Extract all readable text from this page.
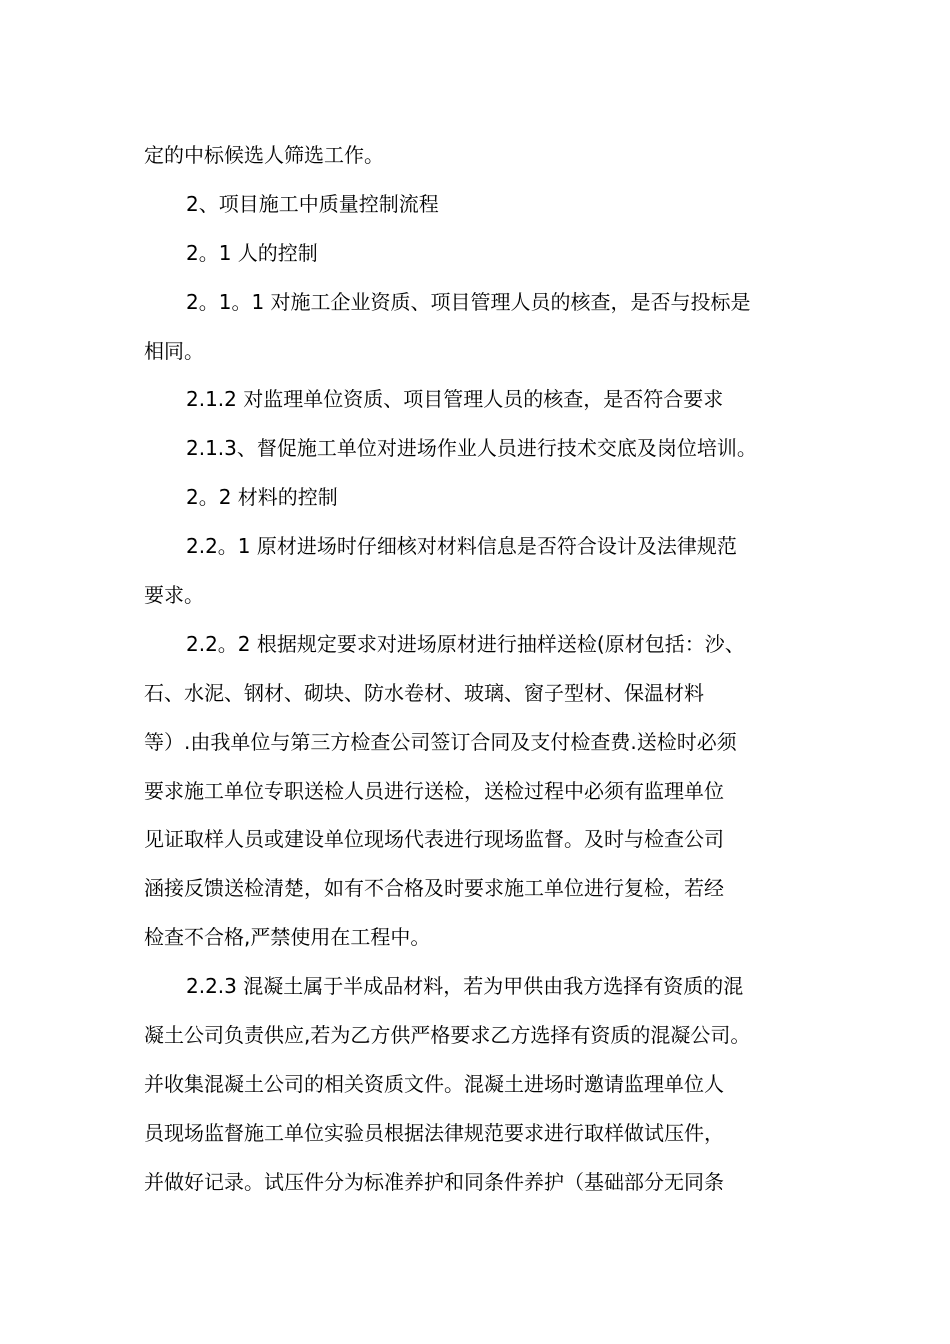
定的中标候选人筛选工作。
2、项目施工中质量控制流程
2。1 人的控制
2。1。1 对施工企业资质、项目管理人员的核查，是否与投标是
相同。
2.1.2 对监理单位资质、项目管理人员的核查，是否符合要求
2.1.3、督促施工单位对进场作业人员进行技术交底及岗位培训。
2。2 材料的控制
2.2。1 原材进场时仔细核对材料信息是否符合设计及法律规范
要求。
2.2。2 根据规定要求对进场原材进行抽样送检(原材包括：沙、
石、水泥、钢材、砌块、防水卷材、玻璃、窗子型材、保温材料
等）.由我单位与第三方检查公司签订合同及支付检查费.送检时必须
要求施工单位专职送检人员进行送检，送检过程中必须有监理单位
见证取样人员或建设单位现场代表进行现场监督。及时与检查公司
涵接反馈送检清楚，如有不合格及时要求施工单位进行复检，若经
检查不合格,严禁使用在工程中。
2.2.3 混凝土属于半成品材料，若为甲供由我方选择有资质的混
凝土公司负责供应,若为乙方供严格要求乙方选择有资质的混凝公司。
并收集混凝土公司的相关资质文件。混凝土进场时邀请监理单位人
员现场监督施工单位实验员根据法律规范要求进行取样做试压件，
并做好记录。试压件分为标准养护和同条件养护（基础部分无同条
